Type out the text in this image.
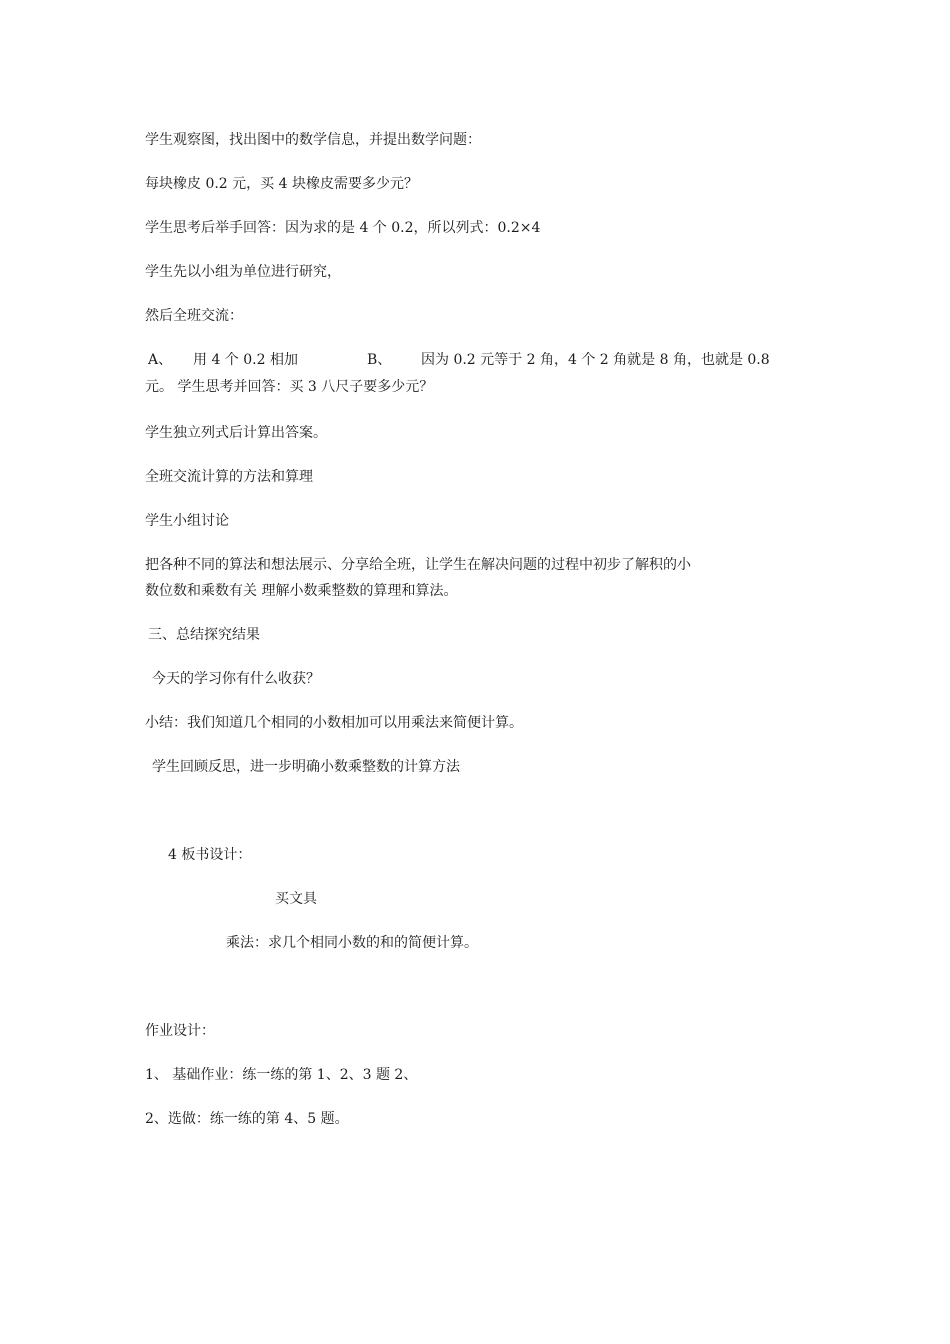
学生观察图，找出图中的数学信息，并提出数学问题：
每块橡皮 0.2 元，买 4 块橡皮需要多少元？
学生思考后举手回答：因为求的是 4 个 0.2，所以列式：0.2×4
学生先以小组为单位进行研究，
然后全班交流：
A、 用 4 个 0.2 相加	B、 因为 0.2 元等于 2 角，4 个 2 角就是 8 角，也就是 0.8
元。 学生思考并回答：买 3 八尺子要多少元？
学生独立列式后计算出答案。
全班交流计算的方法和算理
学生小组讨论
把各种不同的算法和想法展示、分享给全班，让学生在解决问题的过程中初步了解积的小
数位数和乘数有关 理解小数乘整数的算理和算法。
三、总结探究结果
今天的学习你有什么收获？
小结：我们知道几个相同的小数相加可以用乘法来简便计算。
学生回顾反思，进一步明确小数乘整数的计算方法
4 板书设计：
买文具
乘法：求几个相同小数的和的简便计算。
作业设计：
1、 基础作业：练一练的第 1、2、3 题 2、
2、选做：练一练的第 4、5 题。
